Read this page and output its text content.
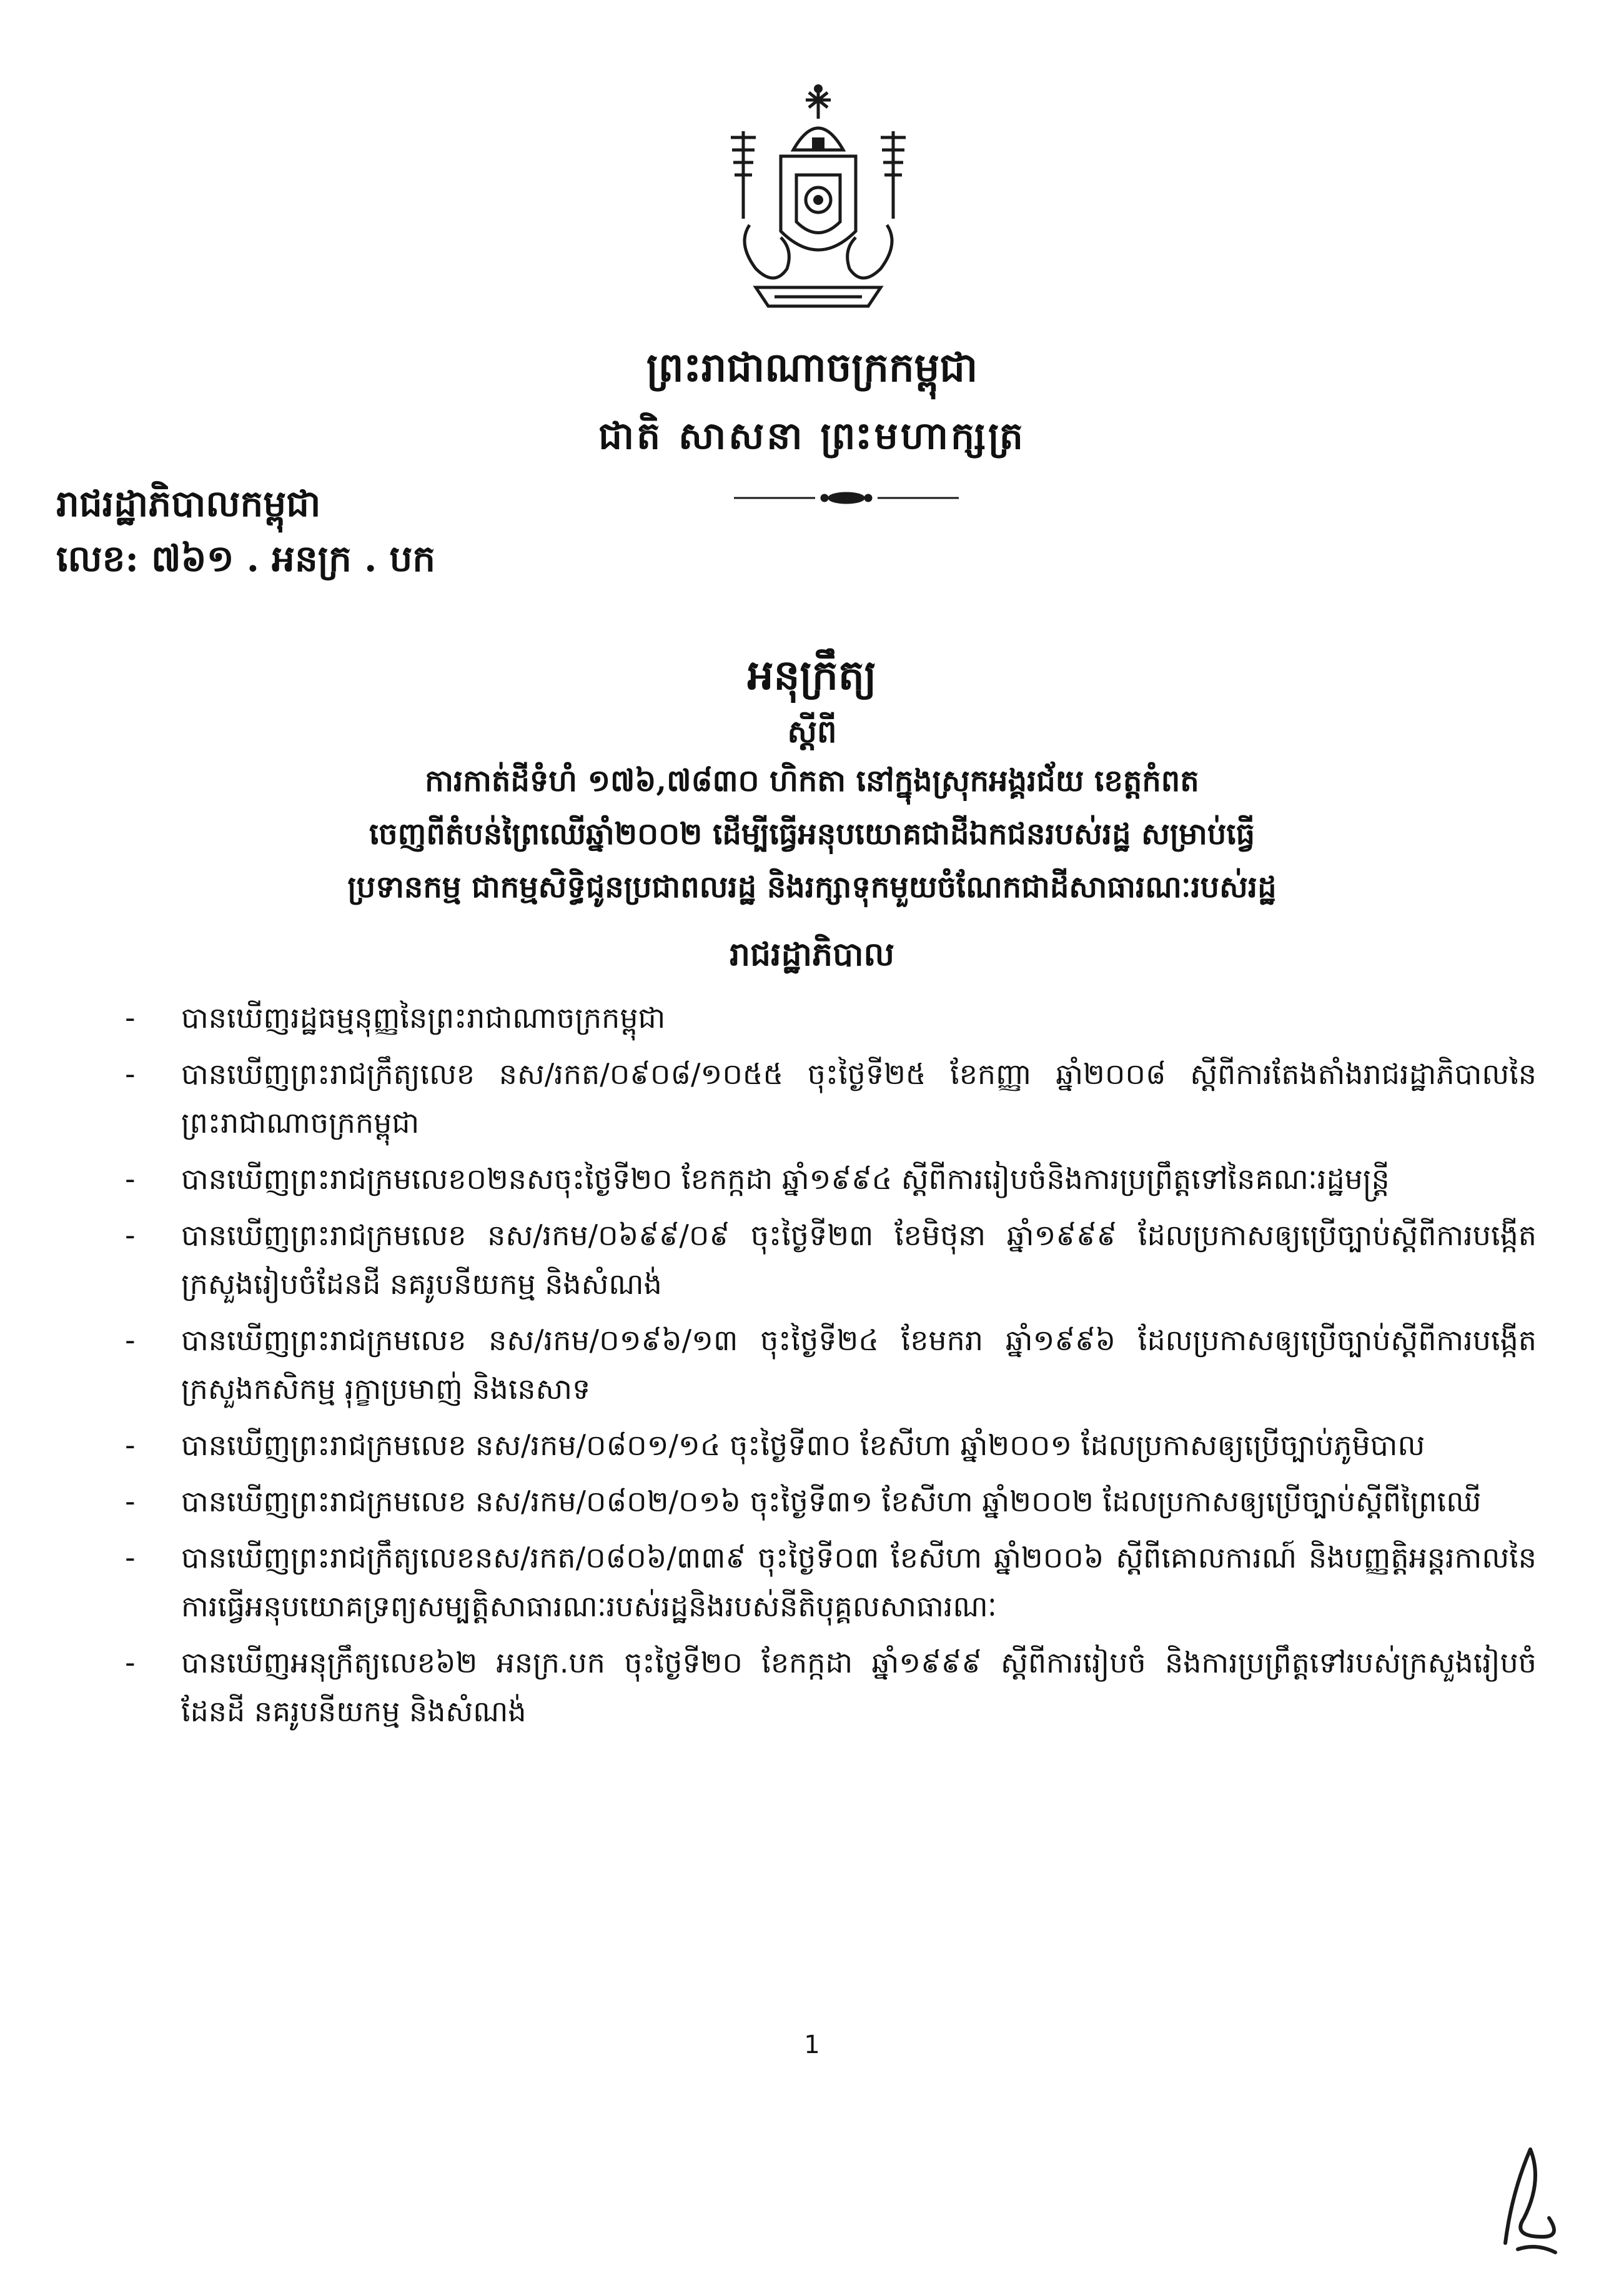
ព្រះរាជាណាចក្រកម្ពុជា
ជាតិ សាសនា ព្រះមហាក្សត្រ
រាជរដ្ឋាភិបាលកម្ពុជា
លេខ: ៧៦១ . អនក្រ . បក
អនុក្រឹត្យ
ស្តីពី
ការកាត់ដីទំហំ ១៧៦,៧៨៣០ ហិកតា នៅក្នុងស្រុកអង្គរជ័យ ខេត្តកំពត
ចេញពីតំបន់ព្រៃឈើឆ្នាំ២០០២ ដើម្បីធ្វើអនុបយោគជាដីឯកជនរបស់រដ្ឋ សម្រាប់ធ្វើ
ប្រទានកម្ម ជាកម្មសិទ្ធិជូនប្រជាពលរដ្ឋ និងរក្សាទុកមួយចំណែកជាដីសាធារណៈរបស់រដ្ឋ
រាជរដ្ឋាភិបាល
- បានឃើញរដ្ឋធម្មនុញ្ញនៃព្រះរាជាណាចក្រកម្ពុជា
- បានឃើញព្រះរាជក្រឹត្យលេខ នស/រកត/០៩០៨/១០៥៥ ចុះថ្ងៃទី២៥ ខែកញ្ញា ឆ្នាំ២០០៨ ស្តីពីការតែងតាំងរាជរដ្ឋាភិបាលនៃព្រះរាជាណាចក្រកម្ពុជា
- បានឃើញព្រះរាជក្រមលេខ០២នសចុះថ្ងៃទី២០ ខែកក្កដា ឆ្នាំ១៩៩៤ ស្តីពីការរៀបចំនិងការប្រព្រឹត្តទៅនៃគណៈរដ្ឋមន្ត្រី
- បានឃើញព្រះរាជក្រមលេខ នស/រកម/០៦៩៩/០៩ ចុះថ្ងៃទី២៣ ខែមិថុនា ឆ្នាំ១៩៩៩ ដែលប្រកាសឲ្យប្រើច្បាប់ស្តីពីការបង្កើតក្រសួងរៀបចំដែនដី នគរូបនីយកម្ម និងសំណង់
- បានឃើញព្រះរាជក្រមលេខ នស/រកម/០១៩៦/១៣ ចុះថ្ងៃទី២៤ ខែមករា ឆ្នាំ១៩៩៦ ដែលប្រកាសឲ្យប្រើច្បាប់ស្តីពីការបង្កើតក្រសួងកសិកម្ម រុក្ខាប្រមាញ់ និងនេសាទ
- បានឃើញព្រះរាជក្រមលេខ នស/រកម/០៨០១/១៤ ចុះថ្ងៃទី៣០ ខែសីហា ឆ្នាំ២០០១ ដែលប្រកាសឲ្យប្រើច្បាប់ភូមិបាល
- បានឃើញព្រះរាជក្រមលេខ នស/រកម/០៨០២/០១៦ ចុះថ្ងៃទី៣១ ខែសីហា ឆ្នាំ២០០២ ដែលប្រកាសឲ្យប្រើច្បាប់ស្តីពីព្រៃឈើ
- បានឃើញព្រះរាជក្រឹត្យលេខនស/រកត/០៨០៦/៣៣៩ ចុះថ្ងៃទី០៣ ខែសីហា ឆ្នាំ២០០៦ ស្តីពីគោលការណ៍ និងបញ្ញត្តិអន្តរកាលនៃការធ្វើអនុបយោគទ្រព្យសម្បត្តិសាធារណៈរបស់រដ្ឋនិងរបស់នីតិបុគ្គលសាធារណៈ
- បានឃើញអនុក្រឹត្យលេខ៦២ អនក្រ.បក ចុះថ្ងៃទី២០ ខែកក្កដា ឆ្នាំ១៩៩៩ ស្តីពីការរៀបចំ និងការប្រព្រឹត្តទៅរបស់ក្រសួងរៀបចំដែនដី នគរូបនីយកម្ម និងសំណង់
1
